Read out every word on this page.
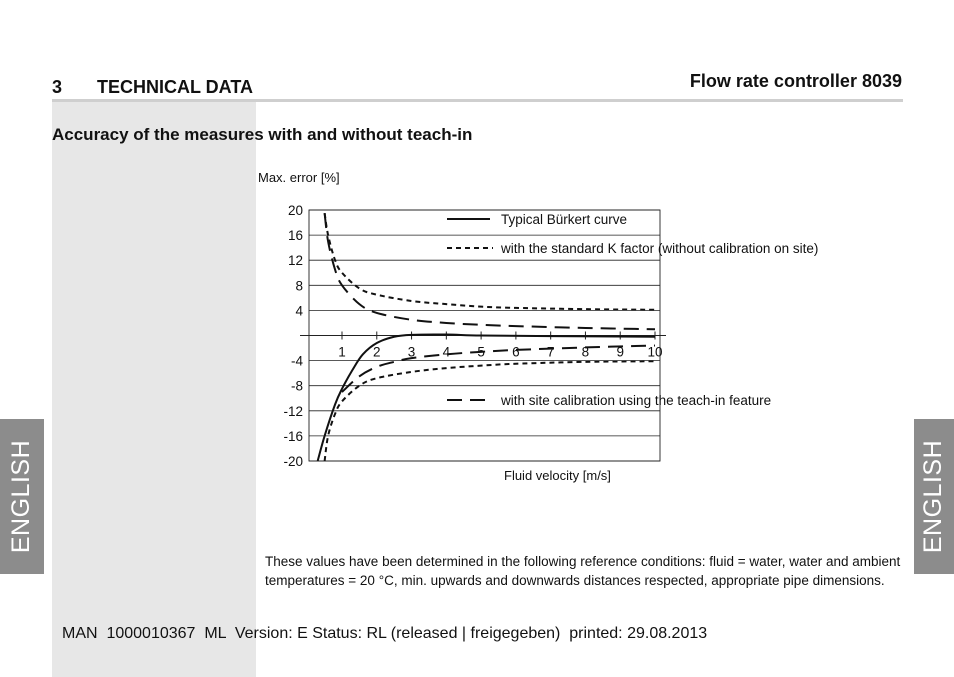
3 TECHNICAL DATA	Flow rate controller 8039
Accuracy of the measures with and without teach-in
ENGLISH	ENGLISH
20
16
12
8
4
-4
-8
-12
-16
-20
1 2 3 4 5 6 7 8 9 10
Typical Bürkert curve
with the standard K factor (without calibration on site)
with site calibration using the teach-in feature
Max. error [%]
Fluid velocity [m/s]
These values have been determined in the following reference conditions: fluid = water, water and ambient temperatures = 20 °C, min. upwards and downwards distances respected, appropriate pipe dimensions.
MAN  1000010367  ML  Version: E Status: RL (released | freigegeben)  printed: 29.08.2013
